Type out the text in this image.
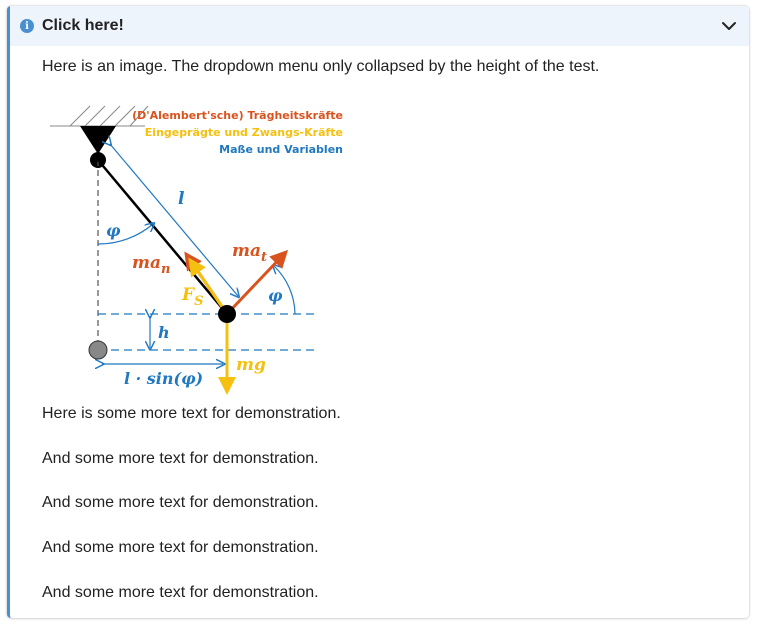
i Click here!

Here is an image. The dropdown menu only collapsed by the height of the test.

l
φ
φ
h
l · sin(φ)
$ma_n$
$ma_t$
$F_S$
mg
(D'Alembert'sche) Trägheitskräfte
Eingeprägte und Zwangs-Kräfte
Maße und Variablen

Here is some more text for demonstration.

And some more text for demonstration.

And some more text for demonstration.

And some more text for demonstration.

And some more text for demonstration.
